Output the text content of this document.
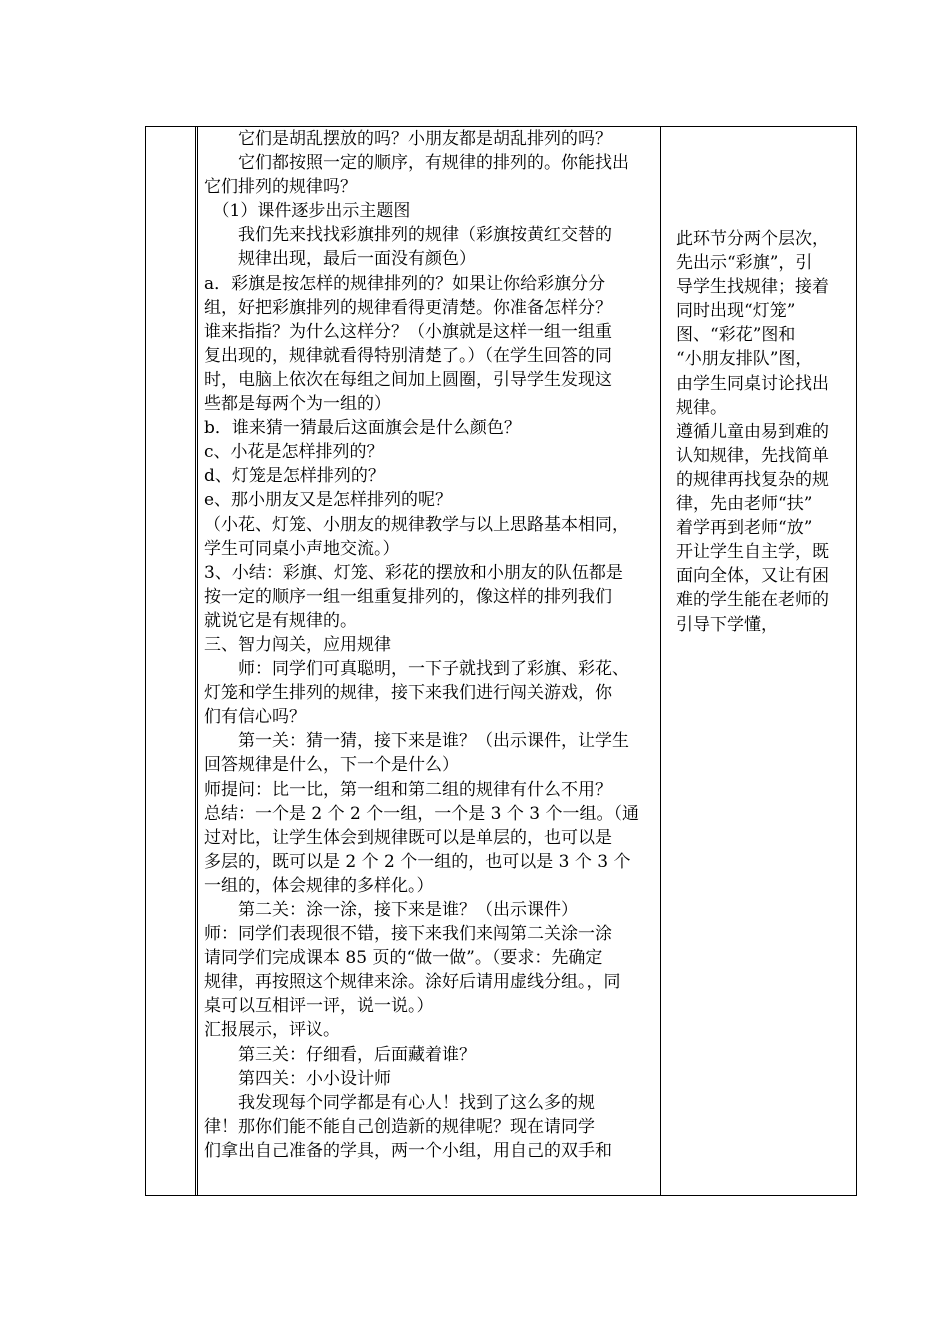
　　它们是胡乱摆放的吗？小朋友都是胡乱排列的吗？
　　它们都按照一定的顺序，有规律的排列的。你能找出
它们排列的规律吗？
　（1）课件逐步出示主题图
　　我们先来找找彩旗排列的规律（彩旗按黄红交替的
　　规律出现，最后一面没有颜色）
a．彩旗是按怎样的规律排列的？如果让你给彩旗分分
组，好把彩旗排列的规律看得更清楚。你准备怎样分？
谁来指指？为什么这样分？（小旗就是这样一组一组重
复出现的，规律就看得特别清楚了。）（在学生回答的同
时，电脑上依次在每组之间加上圆圈，引导学生发现这
些都是每两个为一组的）
b．谁来猜一猜最后这面旗会是什么颜色？
c、小花是怎样排列的？
d、灯笼是怎样排列的？
e、那小朋友又是怎样排列的呢？
（小花、灯笼、小朋友的规律教学与以上思路基本相同，
学生可同桌小声地交流。）
3、小结：彩旗、灯笼、彩花的摆放和小朋友的队伍都是
按一定的顺序一组一组重复排列的，像这样的排列我们
就说它是有规律的。
三、智力闯关，应用规律
　　师：同学们可真聪明，一下子就找到了彩旗、彩花、
灯笼和学生排列的规律，接下来我们进行闯关游戏，你
们有信心吗？
　　第一关：猜一猜，接下来是谁？（出示课件，让学生
回答规律是什么，下一个是什么）
师提问：比一比，第一组和第二组的规律有什么不用？
总结：一个是 2 个 2 个一组，一个是 3 个 3 个一组。（通
过对比，让学生体会到规律既可以是单层的，也可以是
多层的，既可以是 2 个 2 个一组的，也可以是 3 个 3 个
一组的，体会规律的多样化。）
　　第二关：涂一涂，接下来是谁？（出示课件）
师：同学们表现很不错，接下来我们来闯第二关涂一涂
请同学们完成课本 85 页的“做一做”。（要求：先确定
规律，再按照这个规律来涂。涂好后请用虚线分组。，同
桌可以互相评一评，说一说。）
汇报展示，评议。
　　第三关：仔细看，后面藏着谁？
　　第四关：小小设计师
　　我发现每个同学都是有心人！找到了这么多的规
律！那你们能不能自己创造新的规律呢？现在请同学
们拿出自己准备的学具，两一个小组，用自己的双手和
此环节分两个层次，
先出示“彩旗”，引
导学生找规律；接着
同时出现“灯笼”
图、“彩花”图和
“小朋友排队”图，
由学生同桌讨论找出
规律。
遵循儿童由易到难的
认知规律，先找简单
的规律再找复杂的规
律，先由老师“扶”
着学再到老师“放”
开让学生自主学，既
面向全体，又让有困
难的学生能在老师的
引导下学懂，
